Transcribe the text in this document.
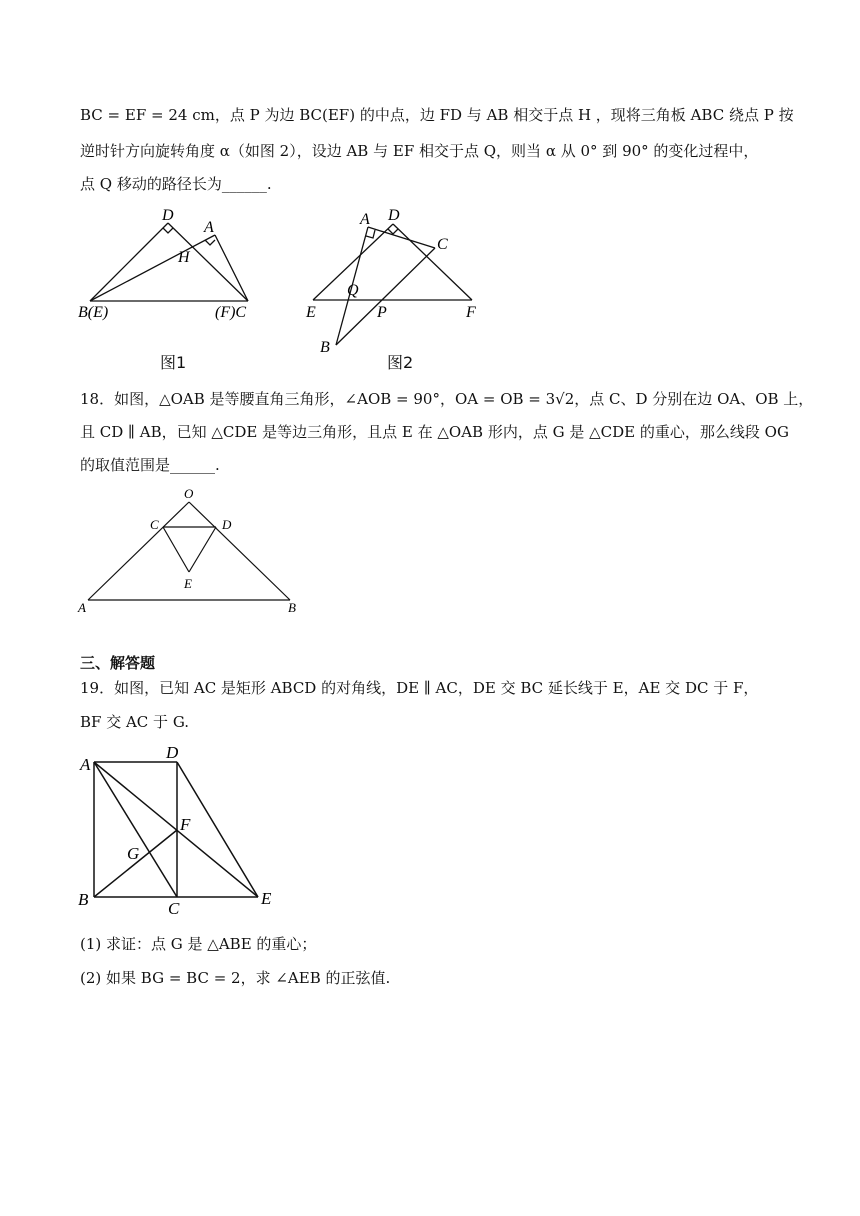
BC = EF = 24 cm，点 P 为边 BC(EF) 的中点，边 FD 与 AB 相交于点 H ，现将三角板 ABC 绕点 P 按
逆时针方向旋转角度 α（如图 2），设边 AB 与 EF 相交于点 Q，则当 α 从 0° 到 90° 的变化过程中，
点 Q 移动的路径长为______.
D
A
H
B(E)	(F)C
图1
A D
C
Q
E	P	F
B
图2
18．如图，△OAB 是等腰直角三角形，∠AOB = 90°，OA = OB = 3√2，点 C、D 分别在边 OA、OB 上，
且 CD ∥ AB，已知 △CDE 是等边三角形，且点 E 在 △OAB 形内，点 G 是 △CDE 的重心，那么线段 OG
的取值范围是______.
O
C	D
E
A	B
三、解答题
19．如图，已知 AC 是矩形 ABCD 的对角线，DE ∥ AC，DE 交 BC 延长线于 E，AE 交 DC 于 F，
BF 交 AC 于 G.
A
D
F
G
B	C
E
(1) 求证：点 G 是 △ABE 的重心；
(2) 如果 BG = BC = 2，求 ∠AEB 的正弦值.
